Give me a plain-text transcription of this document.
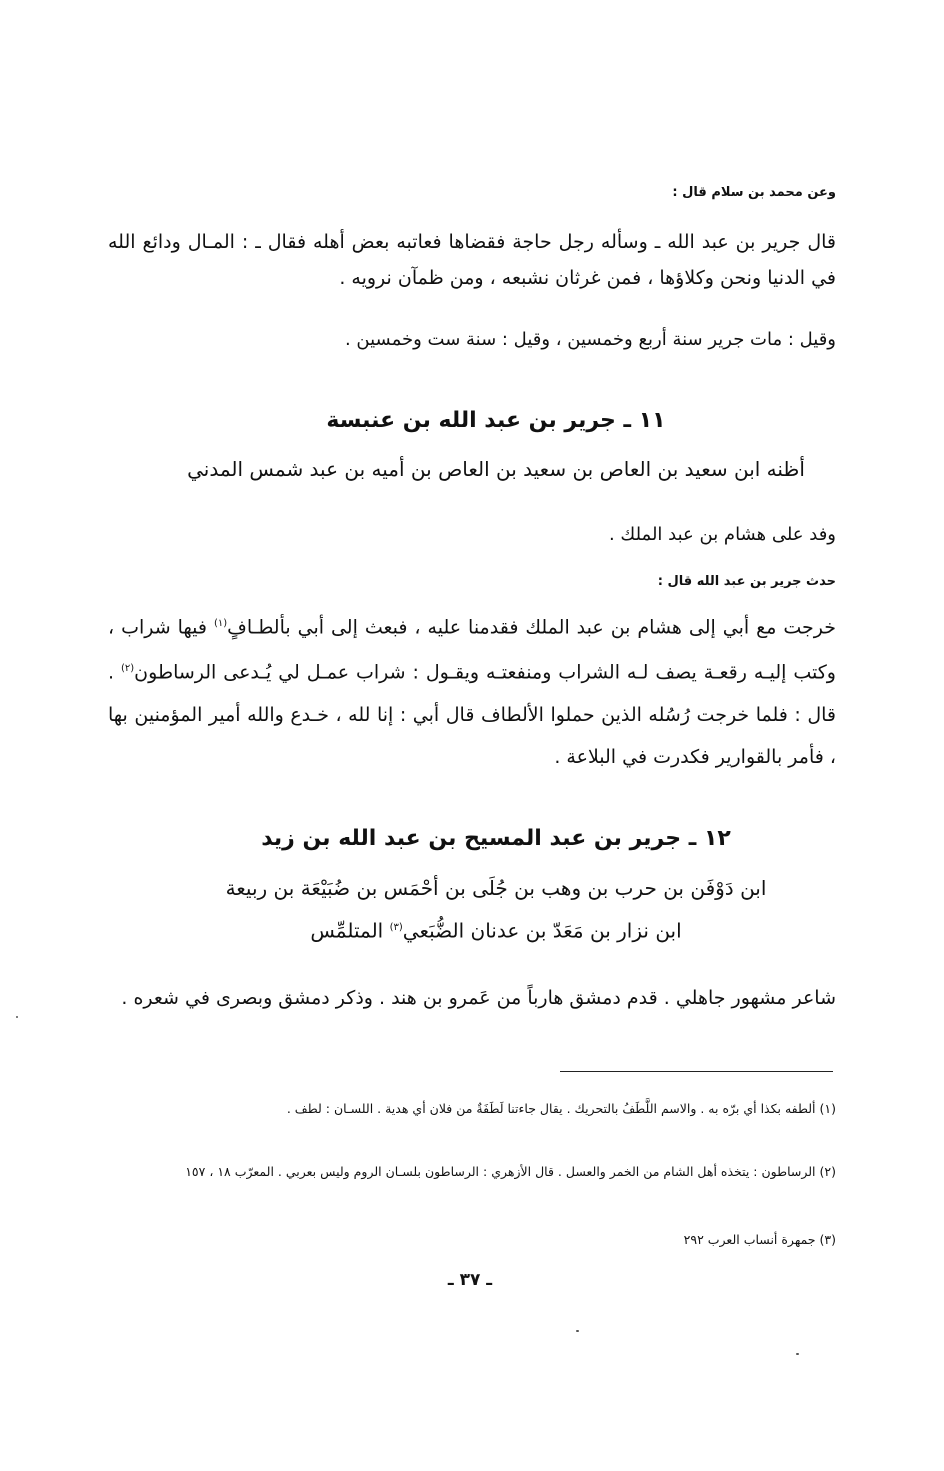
وعن محمد بن سلام قال :
قال جرير بن عبد الله ـ وسأله رجل حاجة فقضاها فعاتبه بعض أهله فقال ـ : المـال ودائع الله في الدنيا ونحن وكلاؤها ، فمن غرثان نشبعه ، ومن ظمآن نرويه .
وقيل : مات جرير سنة أربع وخمسين ، وقيل : سنة ست وخمسين .
١١ ـ جرير بن عبد الله بن عنبسة
أظنه ابن سعيد بن العاص بن سعيد بن العاص بن أميه بن عبد شمس المدني
وفد على هشام بن عبد الملك .
حدث جرير بن عبد الله قال :
خرجت مع أبي إلى هشام بن عبد الملك فقدمنا عليه ، فبعث إلى أبي بألطـافٍ$^{(١)}$ فيها شراب ، وكتب إليـه رقعـة يصف لـه الشراب ومنفعتـه ويقـول : شراب عمـل لي يُـدعى الرساطون$^{(٢)}$ . قال : فلما خرجت رُسُله الذين حملوا الألطاف قال أبي : إنا لله ، خـدع والله أمير المؤمنين بها ، فأمر بالقوارير فكدرت في البلاعة .
١٢ ـ جرير بن عبد المسيح بن عبد الله بن زيد
ابن دَوْفَن بن حرب بن وهب بن جُلَى بن أحْمَس بن ضُبَيْعَة بن ربيعة
ابن نزار بن مَعَدّ بن عدنان الضُّبَعي$^{(٣)}$ المتلمِّس
شاعر مشهور جاهلي . قدم دمشق هارباً من عَمرو بن هند . وذكر دمشق وبصرى في شعره .
(١) ألطفه بكذا أي برّه به . والاسم اللَّطَفُ بالتحريك . يقال جاءتنا لَطَفَةٌ من فلان أي هدية . اللسـان : لطف .
(٢) الرساطون : يتخذه أهل الشام من الخمر والعسل . قال الأزهري : الرساطون بلسـان الروم وليس بعربي . المعرّب ١٨ ، ١٥٧
(٣) جمهرة أنساب العرب ٢٩٢
ـ ٣٧ ـ
